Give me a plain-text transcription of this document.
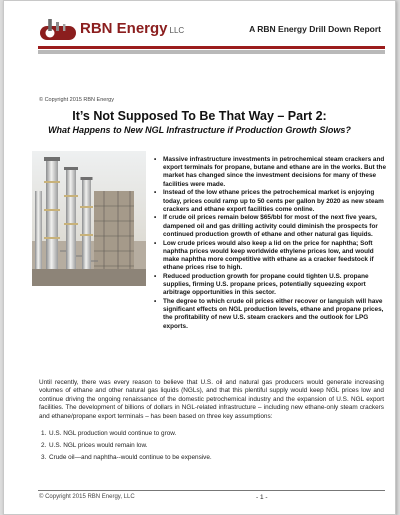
RBN Energy LLC	A RBN Energy Drill Down Report
© Copyright 2015 RBN Energy
It’s Not Supposed To Be That Way – Part 2:
What Happens to New NGL Infrastructure if Production Growth Slows?
• Massive infrastructure investments in petrochemical steam crackers and export terminals for propane, butane and ethane are in the works. But the market has changed since the investment decisions for many of these facilities were made.
• Instead of the low ethane prices the petrochemical market is enjoying today, prices could ramp up to 50 cents per gallon by 2020 as new steam crackers and ethane export facilities come online.
• If crude oil prices remain below $65/bbl for most of the next five years, dampened oil and gas drilling activity could diminish the prospects for continued production growth of ethane and other natural gas liquids.
• Low crude prices would also keep a lid on the price for naphtha; Soft naphtha prices would keep worldwide ethylene prices low, and would make naphtha more competitive with ethane as a cracker feedstock if ethane prices rise to high.
• Reduced production growth for propane could tighten U.S. propane supplies, firming U.S. propane prices, potentially squeezing export arbitrage opportunities in this sector.
• The degree to which crude oil prices either recover or languish will have significant effects on NGL production levels, ethane and propane prices, the profitability of new U.S. steam crackers and the outlook for LPG exports.

Until recently, there was every reason to believe that U.S. oil and natural gas producers would generate increasing volumes of ethane and other natural gas liquids (NGLs), and that this plentiful supply would keep NGL prices low and continue driving the ongoing renaissance of the domestic petrochemical industry and the expansion of U.S. NGL export facilities. The development of billions of dollars in NGL-related infrastructure – including new ethane-only steam crackers and ethane/propane export terminals – has been based on three key assumptions:

1. U.S. NGL production would continue to grow.
2. U.S. NGL prices would remain low.
3. Crude oil—and naphtha--would continue to be expensive.
© Copyright 2015 RBN Energy, LLC	- 1 -
